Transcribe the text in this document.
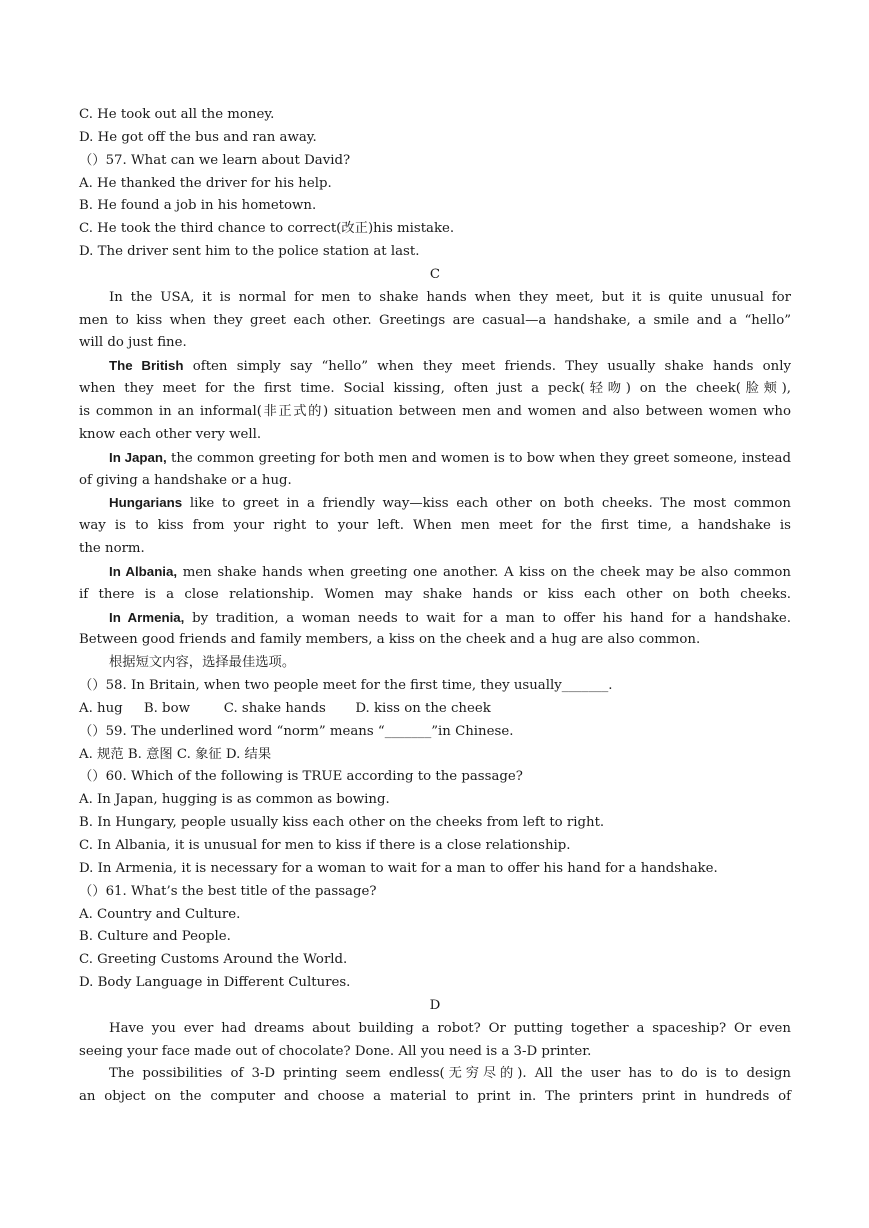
C. He took out all the money.
D. He got off the bus and ran away.
（）57. What can we learn about David?
A. He thanked the driver for his help.
B. He found a job in his hometown.
C. He took the third chance to correct(改正)his mistake.
D. The driver sent him to the police station at last.
C
In the USA, it is normal for men to shake hands when they meet, but it is quite unusual for
men to kiss when they greet each other. Greetings are casual—a handshake, a smile and a “hello”
will do just fine.
The British often simply say “hello” when they meet friends. They usually shake hands only
when they meet for the first time. Social kissing, often just a peck(轻吻) on the cheek(脸颊),
is common in an informal(非正式的) situation between men and women and also between women who
know each other very well.
In Japan, the common greeting for both men and women is to bow when they greet someone, instead
of giving a handshake or a hug.
Hungarians like to greet in a friendly way—kiss each other on both cheeks. The most common
way is to kiss from your right to your left. When men meet for the first time, a handshake is
the norm.
In Albania, men shake hands when greeting one another. A kiss on the cheek may be also common
if there is a close relationship. Women may shake hands or kiss each other on both cheeks.
In Armenia, by tradition, a woman needs to wait for a man to offer his hand for a handshake.
Between good friends and family members, a kiss on the cheek and a hug are also common.
根据短文内容，选择最佳选项。
（）58. In Britain, when two people meet for the first time, they usually_______.
A. hug     B. bow        C. shake hands       D. kiss on the cheek
（）59. The underlined word “norm” means “_______”in Chinese.
A. 规范 B. 意图 C. 象征 D. 结果
（）60. Which of the following is TRUE according to the passage?
A. In Japan, hugging is as common as bowing.
B. In Hungary, people usually kiss each other on the cheeks from left to right.
C. In Albania, it is unusual for men to kiss if there is a close relationship.
D. In Armenia, it is necessary for a woman to wait for a man to offer his hand for a handshake.
（）61. What’s the best title of the passage?
A. Country and Culture.
B. Culture and People.
C. Greeting Customs Around the World.
D. Body Language in Different Cultures.
D
Have you ever had dreams about building a robot? Or putting together a spaceship? Or even
seeing your face made out of chocolate? Done. All you need is a 3-D printer.
The possibilities of 3-D printing seem endless(无穷尽的). All the user has to do is to design
an object on the computer and choose a material to print in. The printers print in hundreds of
